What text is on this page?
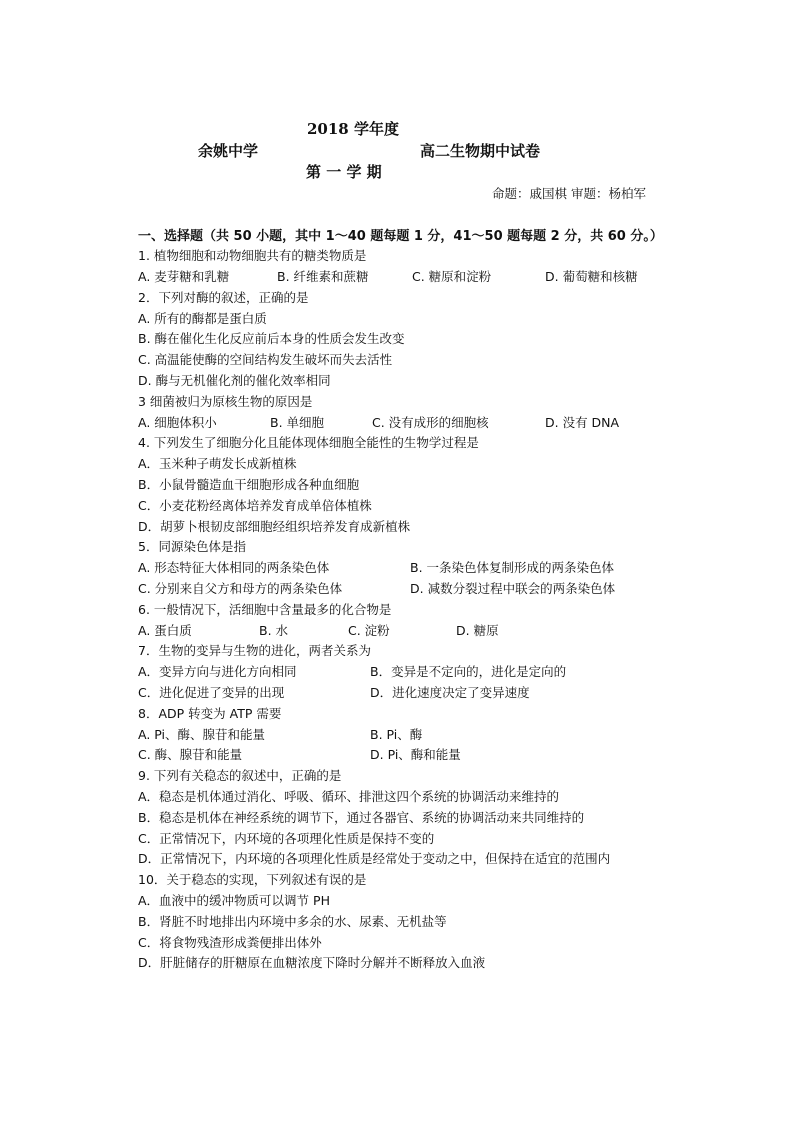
2018 学年度
余姚中学	高二生物期中试卷
第 一 学 期
命题：戚国棋 审题：杨柏军
一、选择题（共 50 小题，其中 1～40 题每题 1 分，41～50 题每题 2 分，共 60 分。）
1. 植物细胞和动物细胞共有的糖类物质是
A. 麦芽糖和乳糖	B. 纤维素和蔗糖	C. 糖原和淀粉	D. 葡萄糖和核糖
2．下列对酶的叙述，正确的是
A. 所有的酶都是蛋白质
B. 酶在催化生化反应前后本身的性质会发生改变
C. 高温能使酶的空间结构发生破坏而失去活性
D. 酶与无机催化剂的催化效率相同
3 细菌被归为原核生物的原因是
A. 细胞体积小	B. 单细胞	C. 没有成形的细胞核	D. 没有 DNA
4. 下列发生了细胞分化且能体现体细胞全能性的生物学过程是
A．玉米种子萌发长成新植株
B．小鼠骨髓造血干细胞形成各种血细胞
C．小麦花粉经离体培养发育成单倍体植株
D．胡萝卜根韧皮部细胞经组织培养发育成新植株
5．同源染色体是指
A. 形态特征大体相同的两条染色体	B. 一条染色体复制形成的两条染色体
C. 分别来自父方和母方的两条染色体	D. 减数分裂过程中联会的两条染色体
6. 一般情况下，活细胞中含量最多的化合物是
A. 蛋白质	B. 水	C. 淀粉	D. 糖原
7．生物的变异与生物的进化，两者关系为
A．变异方向与进化方向相同	B．变异是不定向的，进化是定向的
C．进化促进了变异的出现	D．进化速度决定了变异速度
8．ADP 转变为 ATP 需要
A. Pi、酶、腺苷和能量	B. Pi、酶
C. 酶、腺苷和能量	D. Pi、酶和能量
9. 下列有关稳态的叙述中，正确的是
A．稳态是机体通过消化、呼吸、循环、排泄这四个系统的协调活动来维持的
B．稳态是机体在神经系统的调节下，通过各器官、系统的协调活动来共同维持的
C．正常情况下，内环境的各项理化性质是保持不变的
D．正常情况下，内环境的各项理化性质是经常处于变动之中，但保持在适宜的范围内
10．关于稳态的实现，下列叙述有误的是
A．血液中的缓冲物质可以调节 PH
B．肾脏不时地排出内环境中多余的水、尿素、无机盐等
C．将食物残渣形成粪便排出体外
D．肝脏储存的肝糖原在血糖浓度下降时分解并不断释放入血液
